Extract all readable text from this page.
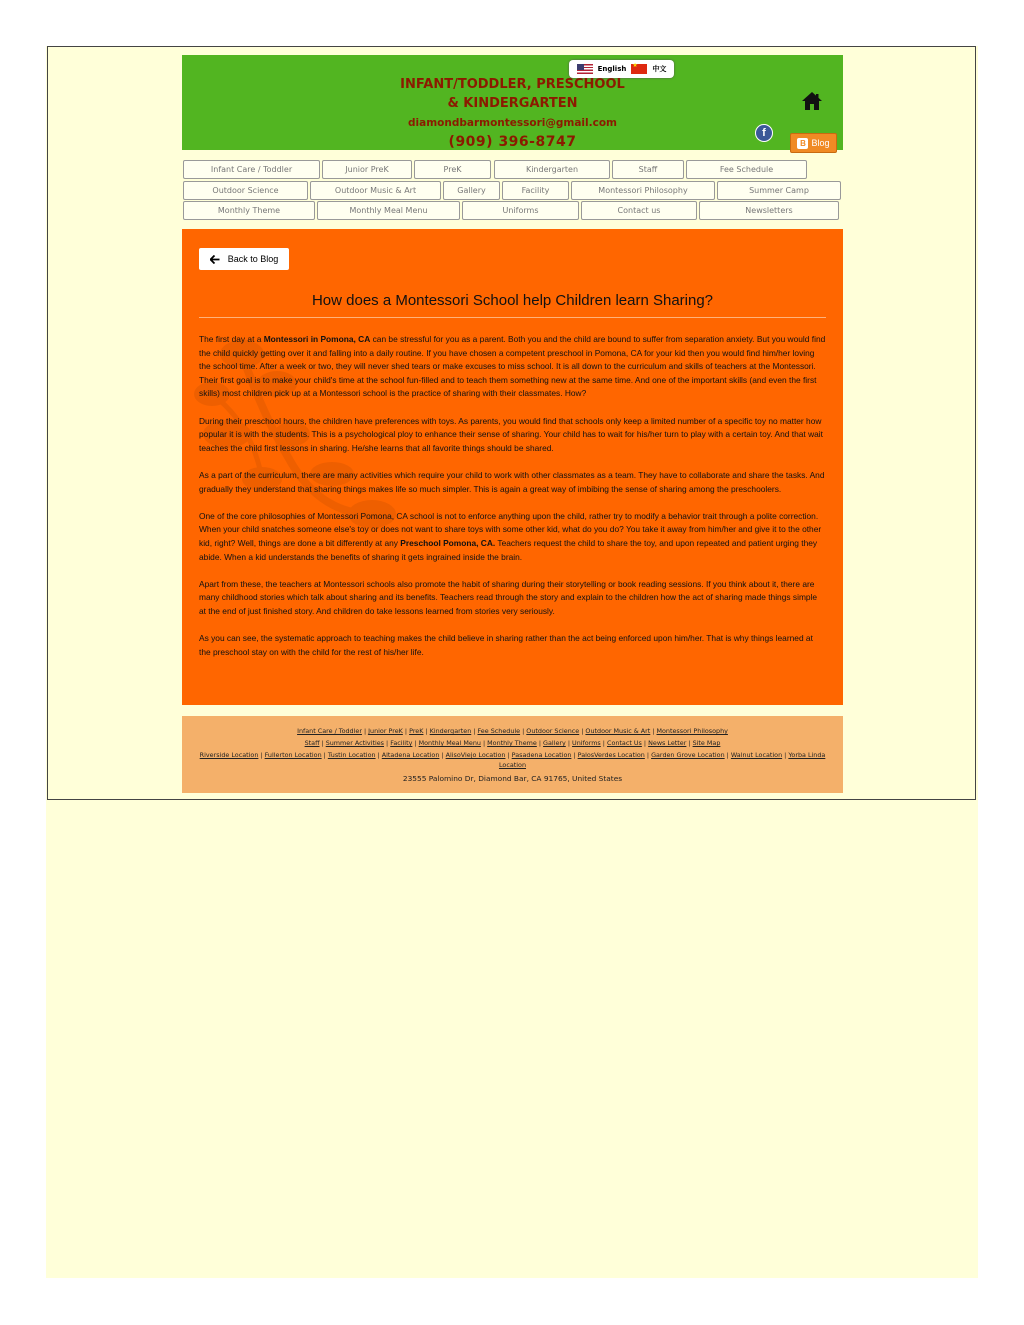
English
★	中文
INFANT/TODDLER, PRESCHOOL
& KINDERGARTEN
diamondbarmontessori@gmail.com
(909) 396-8747
f
B Blog
Infant Care / Toddler	Junior PreK	PreK	Kindergarten	Staff	Fee Schedule
Outdoor Science	Outdoor Music & Art	Gallery	Facility	Montessori Philosophy	Summer Camp
Monthly Theme	Monthly Meal Menu	Uniforms	Contact us	Newsletters
Back to Blog
How does a Montessori School help Children learn Sharing?

The first day at a Montessori in Pomona, CA can be stressful for you as a parent. Both you and the child are bound to suffer from separation anxiety. But you would find the child quickly getting over it and falling into a daily routine. If you have chosen a competent preschool in Pomona, CA for your kid then you would find him/her loving the school time. After a week or two, they will never shed tears or make excuses to miss school. It is all down to the curriculum and skills of teachers at the Montessori. Their first goal is to make your child's time at the school fun-filled and to teach them something new at the same time. And one of the important skills (and even the first skills) most children pick up at a Montessori school is the practice of sharing with their classmates. How?

During their preschool hours, the children have preferences with toys. As parents, you would find that schools only keep a limited number of a specific toy no matter how popular it is with the students. This is a psychological ploy to enhance their sense of sharing. Your child has to wait for his/her turn to play with a certain toy. And that wait teaches the child first lessons in sharing. He/she learns that all favorite things should be shared.

As a part of the curriculum, there are many activities which require your child to work with other classmates as a team. They have to collaborate and share the tasks. And gradually they understand that sharing things makes life so much simpler. This is again a great way of imbibing the sense of sharing among the preschoolers.

One of the core philosophies of Montessori Pomona, CA school is not to enforce anything upon the child, rather try to modify a behavior trait through a polite correction. When your child snatches someone else's toy or does not want to share toys with some other kid, what do you do? You take it away from him/her and give it to the other kid, right? Well, things are done a bit differently at any Preschool Pomona, CA. Teachers request the child to share the toy, and upon repeated and patient urging they abide. When a kid understands the benefits of sharing it gets ingrained inside the brain.

Apart from these, the teachers at Montessori schools also promote the habit of sharing during their storytelling or book reading sessions. If you think about it, there are many childhood stories which talk about sharing and its benefits. Teachers read through the story and explain to the children how the act of sharing made things simple at the end of just finished story. And children do take lessons learned from stories very seriously.

As you can see, the systematic approach to teaching makes the child believe in sharing rather than the act being enforced upon him/her. That is why things learned at the preschool stay on with the child for the rest of his/her life.

Infant Care / Toddler | Junior PreK | PreK | Kindergarten | Fee Schedule | Outdoor Science | Outdoor Music & Art | Montessori Philosophy
Staff | Summer Activities | Facility | Monthly Meal Menu | Monthly Theme | Gallery | Uniforms | Contact Us | News Letter | Site Map
Riverside Location | Fullerton Location | Tustin Location | Altadena Location | AlisoViejo Location | Pasadena Location | PalosVerdes Location | Garden Grove Location | Walnut Location | Yorba Linda Location
23555 Palomino Dr, Diamond Bar, CA 91765, United States
